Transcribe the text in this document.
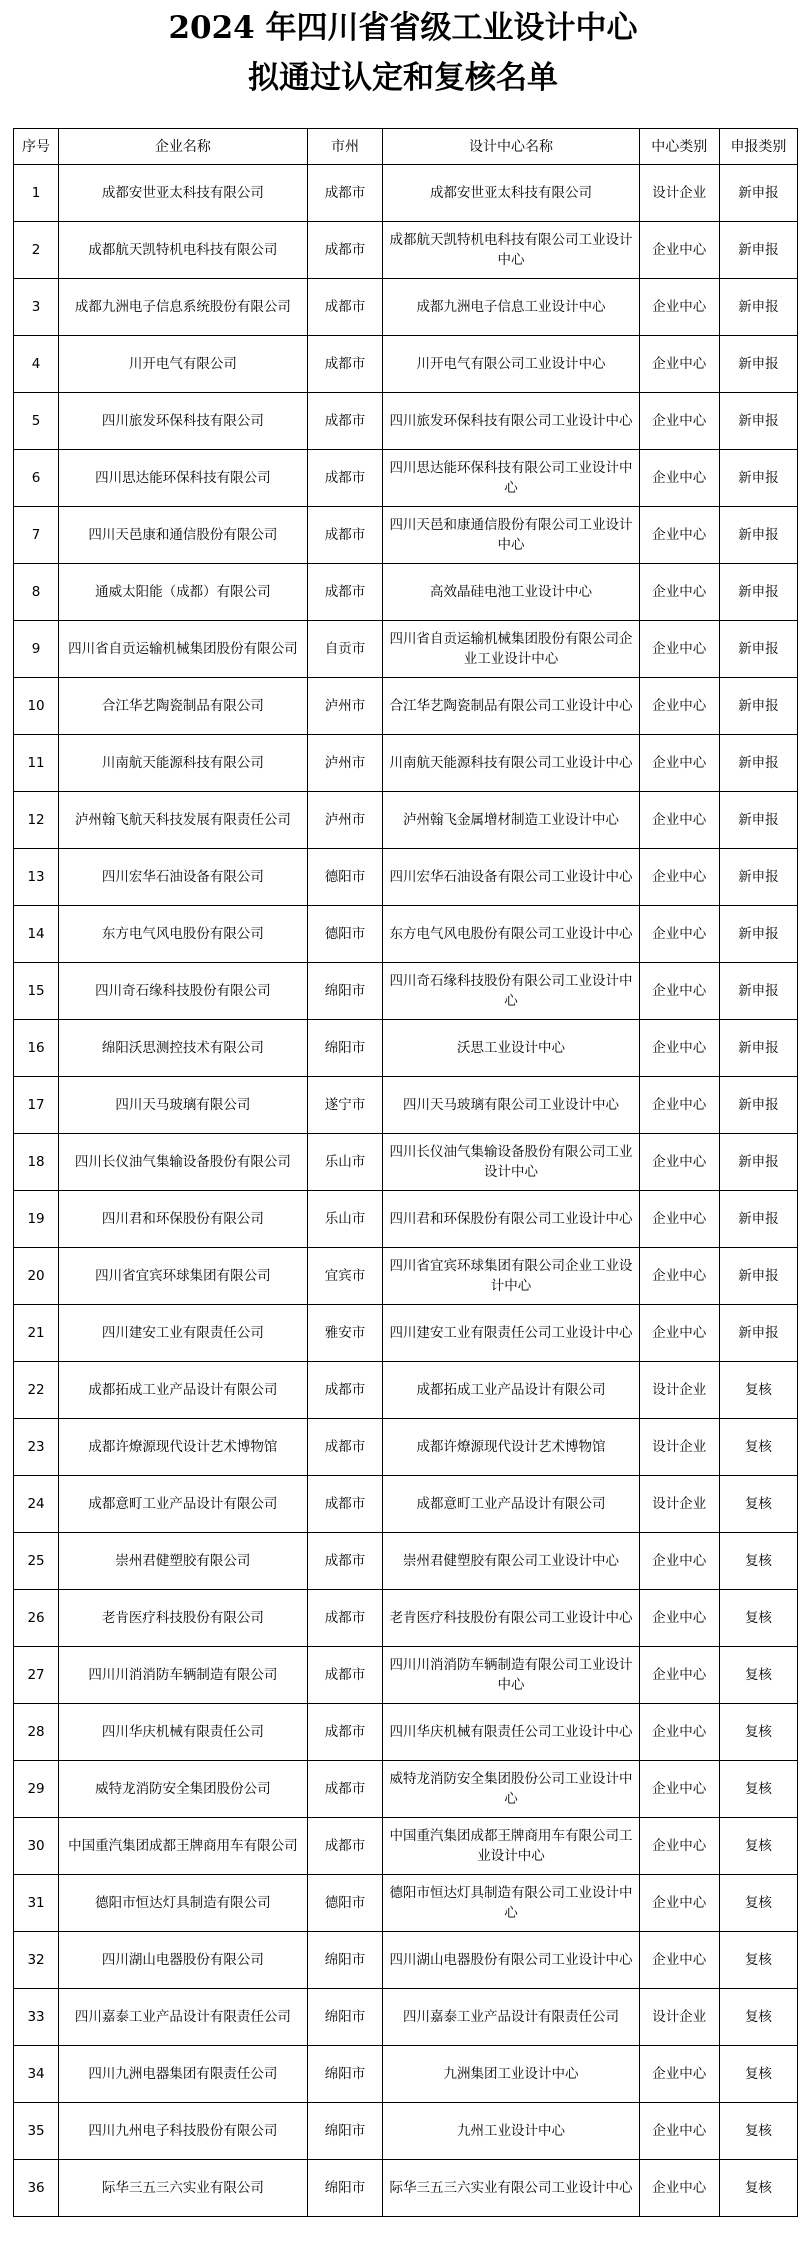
2024 年四川省省级工业设计中心
拟通过认定和复核名单
序号	企业名称	市州	设计中心名称	中心类别	申报类别
1	成都安世亚太科技有限公司	成都市	成都安世亚太科技有限公司	设计企业	新申报
2	成都航天凯特机电科技有限公司	成都市	成都航天凯特机电科技有限公司工业设计中心	企业中心	新申报
3	成都九洲电子信息系统股份有限公司	成都市	成都九洲电子信息工业设计中心	企业中心	新申报
4	川开电气有限公司	成都市	川开电气有限公司工业设计中心	企业中心	新申报
5	四川旅发环保科技有限公司	成都市	四川旅发环保科技有限公司工业设计中心	企业中心	新申报
6	四川思达能环保科技有限公司	成都市	四川思达能环保科技有限公司工业设计中心	企业中心	新申报
7	四川天邑康和通信股份有限公司	成都市	四川天邑和康通信股份有限公司工业设计中心	企业中心	新申报
8	通威太阳能（成都）有限公司	成都市	高效晶硅电池工业设计中心	企业中心	新申报
9	四川省自贡运输机械集团股份有限公司	自贡市	四川省自贡运输机械集团股份有限公司企业工业设计中心	企业中心	新申报
10	合江华艺陶瓷制品有限公司	泸州市	合江华艺陶瓷制品有限公司工业设计中心	企业中心	新申报
11	川南航天能源科技有限公司	泸州市	川南航天能源科技有限公司工业设计中心	企业中心	新申报
12	泸州翰飞航天科技发展有限责任公司	泸州市	泸州翰飞金属增材制造工业设计中心	企业中心	新申报
13	四川宏华石油设备有限公司	德阳市	四川宏华石油设备有限公司工业设计中心	企业中心	新申报
14	东方电气风电股份有限公司	德阳市	东方电气风电股份有限公司工业设计中心	企业中心	新申报
15	四川奇石缘科技股份有限公司	绵阳市	四川奇石缘科技股份有限公司工业设计中心	企业中心	新申报
16	绵阳沃思测控技术有限公司	绵阳市	沃思工业设计中心	企业中心	新申报
17	四川天马玻璃有限公司	遂宁市	四川天马玻璃有限公司工业设计中心	企业中心	新申报
18	四川长仪油气集输设备股份有限公司	乐山市	四川长仪油气集输设备股份有限公司工业设计中心	企业中心	新申报
19	四川君和环保股份有限公司	乐山市	四川君和环保股份有限公司工业设计中心	企业中心	新申报
20	四川省宜宾环球集团有限公司	宜宾市	四川省宜宾环球集团有限公司企业工业设计中心	企业中心	新申报
21	四川建安工业有限责任公司	雅安市	四川建安工业有限责任公司工业设计中心	企业中心	新申报
22	成都拓成工业产品设计有限公司	成都市	成都拓成工业产品设计有限公司	设计企业	复核
23	成都许燎源现代设计艺术博物馆	成都市	成都许燎源现代设计艺术博物馆	设计企业	复核
24	成都意町工业产品设计有限公司	成都市	成都意町工业产品设计有限公司	设计企业	复核
25	崇州君健塑胶有限公司	成都市	崇州君健塑胶有限公司工业设计中心	企业中心	复核
26	老肯医疗科技股份有限公司	成都市	老肯医疗科技股份有限公司工业设计中心	企业中心	复核
27	四川川消消防车辆制造有限公司	成都市	四川川消消防车辆制造有限公司工业设计中心	企业中心	复核
28	四川华庆机械有限责任公司	成都市	四川华庆机械有限责任公司工业设计中心	企业中心	复核
29	威特龙消防安全集团股份公司	成都市	威特龙消防安全集团股份公司工业设计中心	企业中心	复核
30	中国重汽集团成都王牌商用车有限公司	成都市	中国重汽集团成都王牌商用车有限公司工业设计中心	企业中心	复核
31	德阳市恒达灯具制造有限公司	德阳市	德阳市恒达灯具制造有限公司工业设计中心	企业中心	复核
32	四川湖山电器股份有限公司	绵阳市	四川湖山电器股份有限公司工业设计中心	企业中心	复核
33	四川嘉泰工业产品设计有限责任公司	绵阳市	四川嘉泰工业产品设计有限责任公司	设计企业	复核
34	四川九洲电器集团有限责任公司	绵阳市	九洲集团工业设计中心	企业中心	复核
35	四川九州电子科技股份有限公司	绵阳市	九州工业设计中心	企业中心	复核
36	际华三五三六实业有限公司	绵阳市	际华三五三六实业有限公司工业设计中心	企业中心	复核
